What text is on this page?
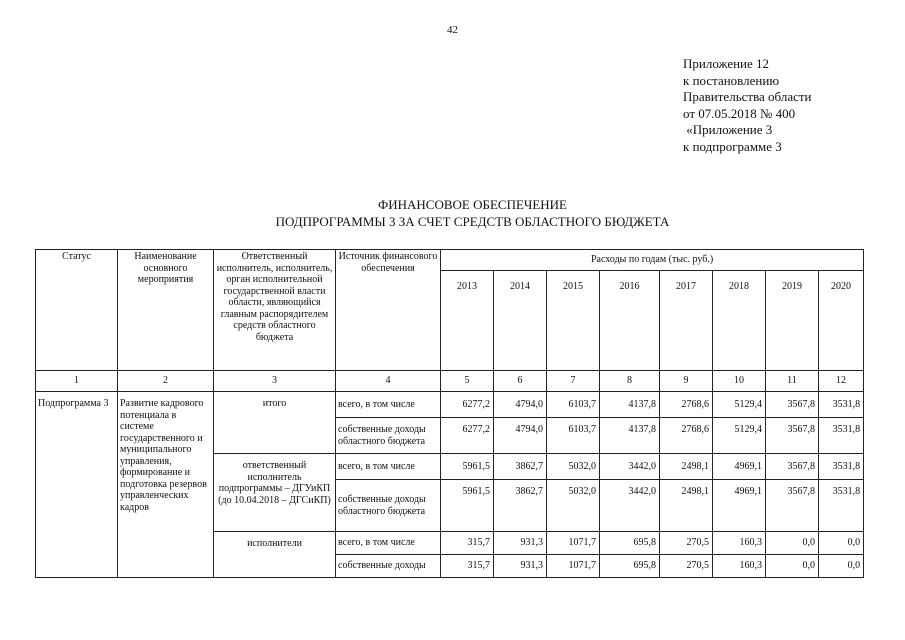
42
Приложение 12
к постановлению
Правительства области
от 07.05.2018 № 400
«Приложение 3
к подпрограмме 3
ФИНАНСОВОЕ ОБЕСПЕЧЕНИЕ
ПОДПРОГРАММЫ 3 ЗА СЧЕТ СРЕДСТВ ОБЛАСТНОГО БЮДЖЕТА
Статус	Наименование основного мероприятия	Ответственный исполнитель, исполнитель, орган исполнительной государственной власти области, являющийся главным распорядителем средств областного бюджета	Источник финансового обеспечения	Расходы по годам (тыс. руб.)							
				2013	2014	2015	2016	2017	2018	2019	2020
1	2	3	4	5	6	7	8	9	10	11	12
Подпрограмма 3	Развитие кадрового потенциала в системе государственного и муниципального управления, формирование и подготовка резервов управленческих кадров	итого	всего, в том числе	6277,2	4794,0	6103,7	4137,8	2768,6	5129,4	3567,8	3531,8
			собственные доходы областного бюджета	6277,2	4794,0	6103,7	4137,8	2768,6	5129,4	3567,8	3531,8
		ответственный исполнитель подпрограммы – ДГУиКП (до 10.04.2018 – ДГСиКП)	всего, в том числе	5961,5	3862,7	5032,0	3442,0	2498,1	4969,1	3567,8	3531,8
			собственные доходы областного бюджета	5961,5	3862,7	5032,0	3442,0	2498,1	4969,1	3567,8	3531,8
		исполнители	всего, в том числе	315,7	931,3	1071,7	695,8	270,5	160,3	0,0	0,0
			собственные доходы	315,7	931,3	1071,7	695,8	270,5	160,3	0,0	0,0
